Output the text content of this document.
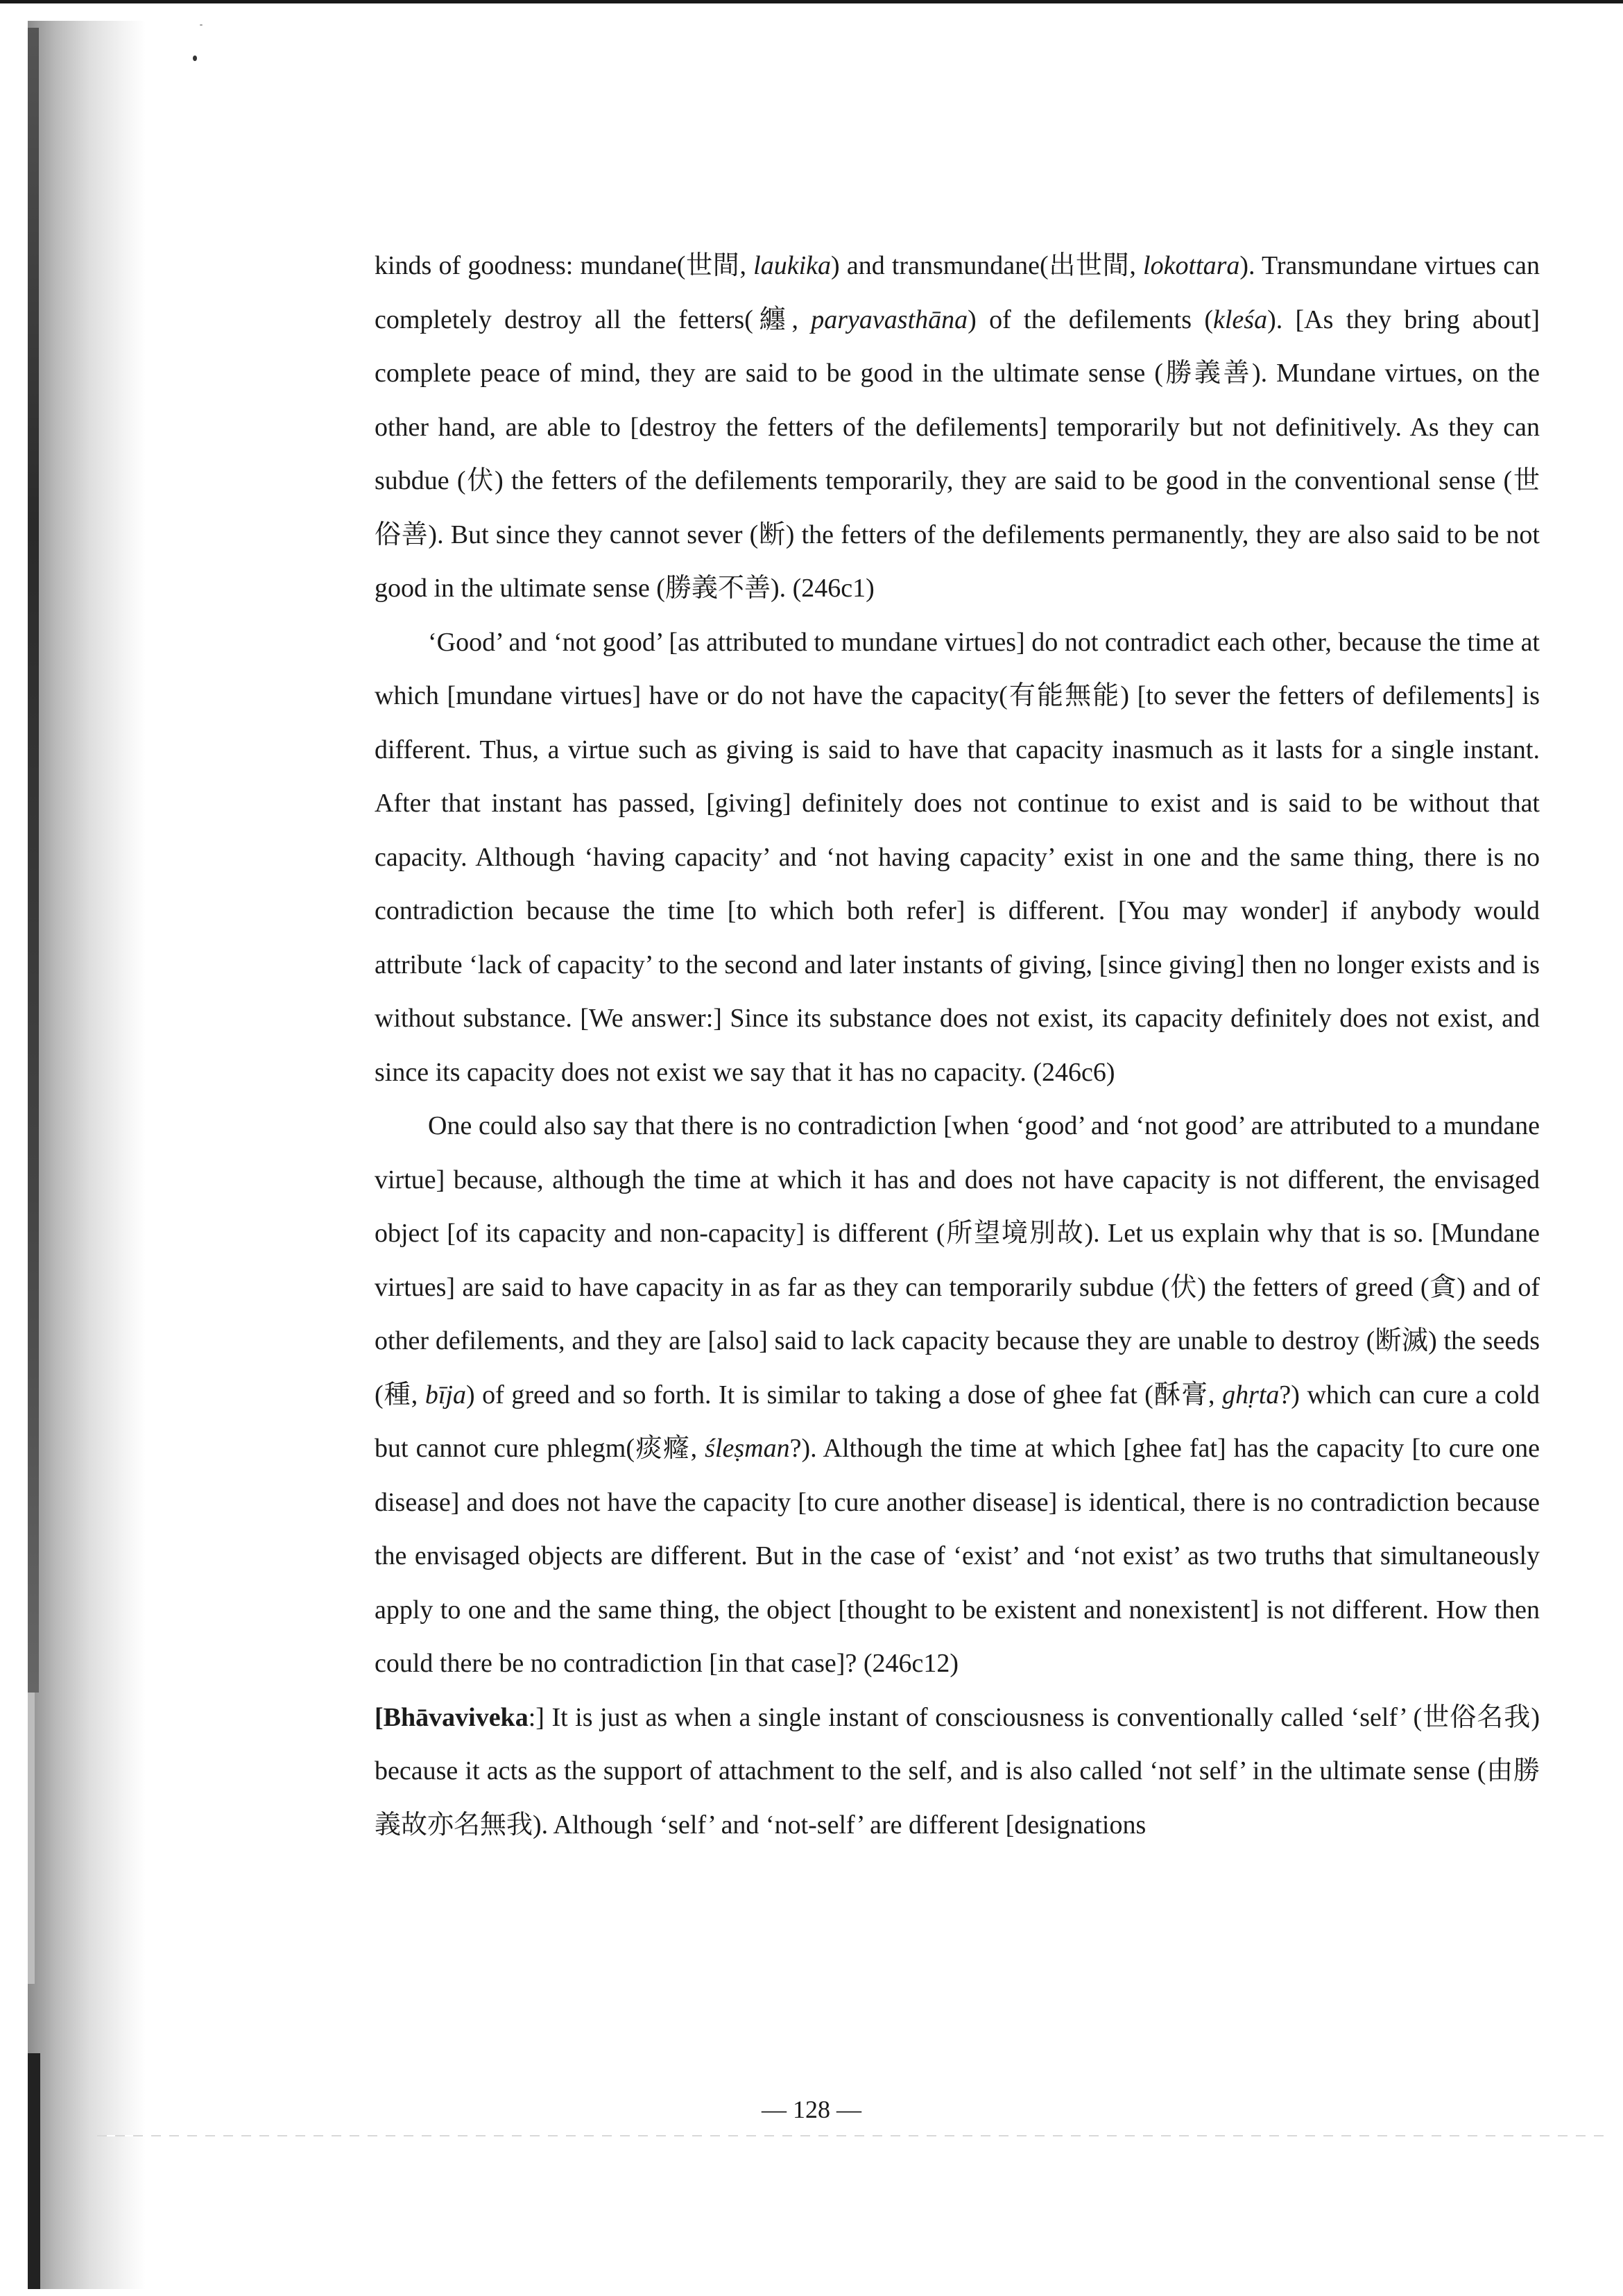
kinds of goodness: mundane(世間, laukika) and transmundane(出世間, lokottara). Transmundane virtues can completely destroy all the fetters(纏, paryavasthāna) of the defilements (kleśa). [As they bring about] complete peace of mind, they are said to be good in the ultimate sense (勝義善). Mundane virtues, on the other hand, are able to [destroy the fetters of the defilements] temporarily but not definitively. As they can subdue (伏) the fetters of the defilements temporarily, they are said to be good in the conventional sense (世俗善). But since they cannot sever (断) the fetters of the defilements permanently, they are also said to be not good in the ultimate sense (勝義不善). (246c1)

‘Good’ and ‘not good’ [as attributed to mundane virtues] do not contradict each other, because the time at which [mundane virtues] have or do not have the capacity(有能無能) [to sever the fetters of defilements] is different. Thus, a virtue such as giving is said to have that capacity inasmuch as it lasts for a single instant. After that instant has passed, [giving] definitely does not continue to exist and is said to be without that capacity. Although ‘having capacity’ and ‘not having capacity’ exist in one and the same thing, there is no contradiction because the time [to which both refer] is different. [You may wonder] if anybody would attribute ‘lack of capacity’ to the second and later instants of giving, [since giving] then no longer exists and is without substance. [We answer:] Since its substance does not exist, its capacity definitely does not exist, and since its capacity does not exist we say that it has no capacity. (246c6)

One could also say that there is no contradiction [when ‘good’ and ‘not good’ are attributed to a mundane virtue] because, although the time at which it has and does not have capacity is not different, the envisaged object [of its capacity and non-capacity] is different (所望境別故). Let us explain why that is so. [Mundane virtues] are said to have capacity in as far as they can temporarily subdue (伏) the fetters of greed (貪) and of other defilements, and they are [also] said to lack capacity because they are unable to destroy (断滅) the seeds (種, bīja) of greed and so forth. It is similar to taking a dose of ghee fat (酥膏, ghṛta?) which can cure a cold but cannot cure phlegm(痰癃, śleṣman?). Although the time at which [ghee fat] has the capacity [to cure one disease] and does not have the capacity [to cure another disease] is identical, there is no contradiction because the envisaged objects are different. But in the case of ‘exist’ and ‘not exist’ as two truths that simultaneously apply to one and the same thing, the object [thought to be existent and nonexistent] is not different. How then could there be no contradiction [in that case]? (246c12)

[Bhāvaviveka:] It is just as when a single instant of consciousness is conventionally called ‘self’ (世俗名我) because it acts as the support of attachment to the self, and is also called ‘not self’ in the ultimate sense (由勝義故亦名無我). Although ‘self’ and ‘not-self’ are different [designations

— 128 —
